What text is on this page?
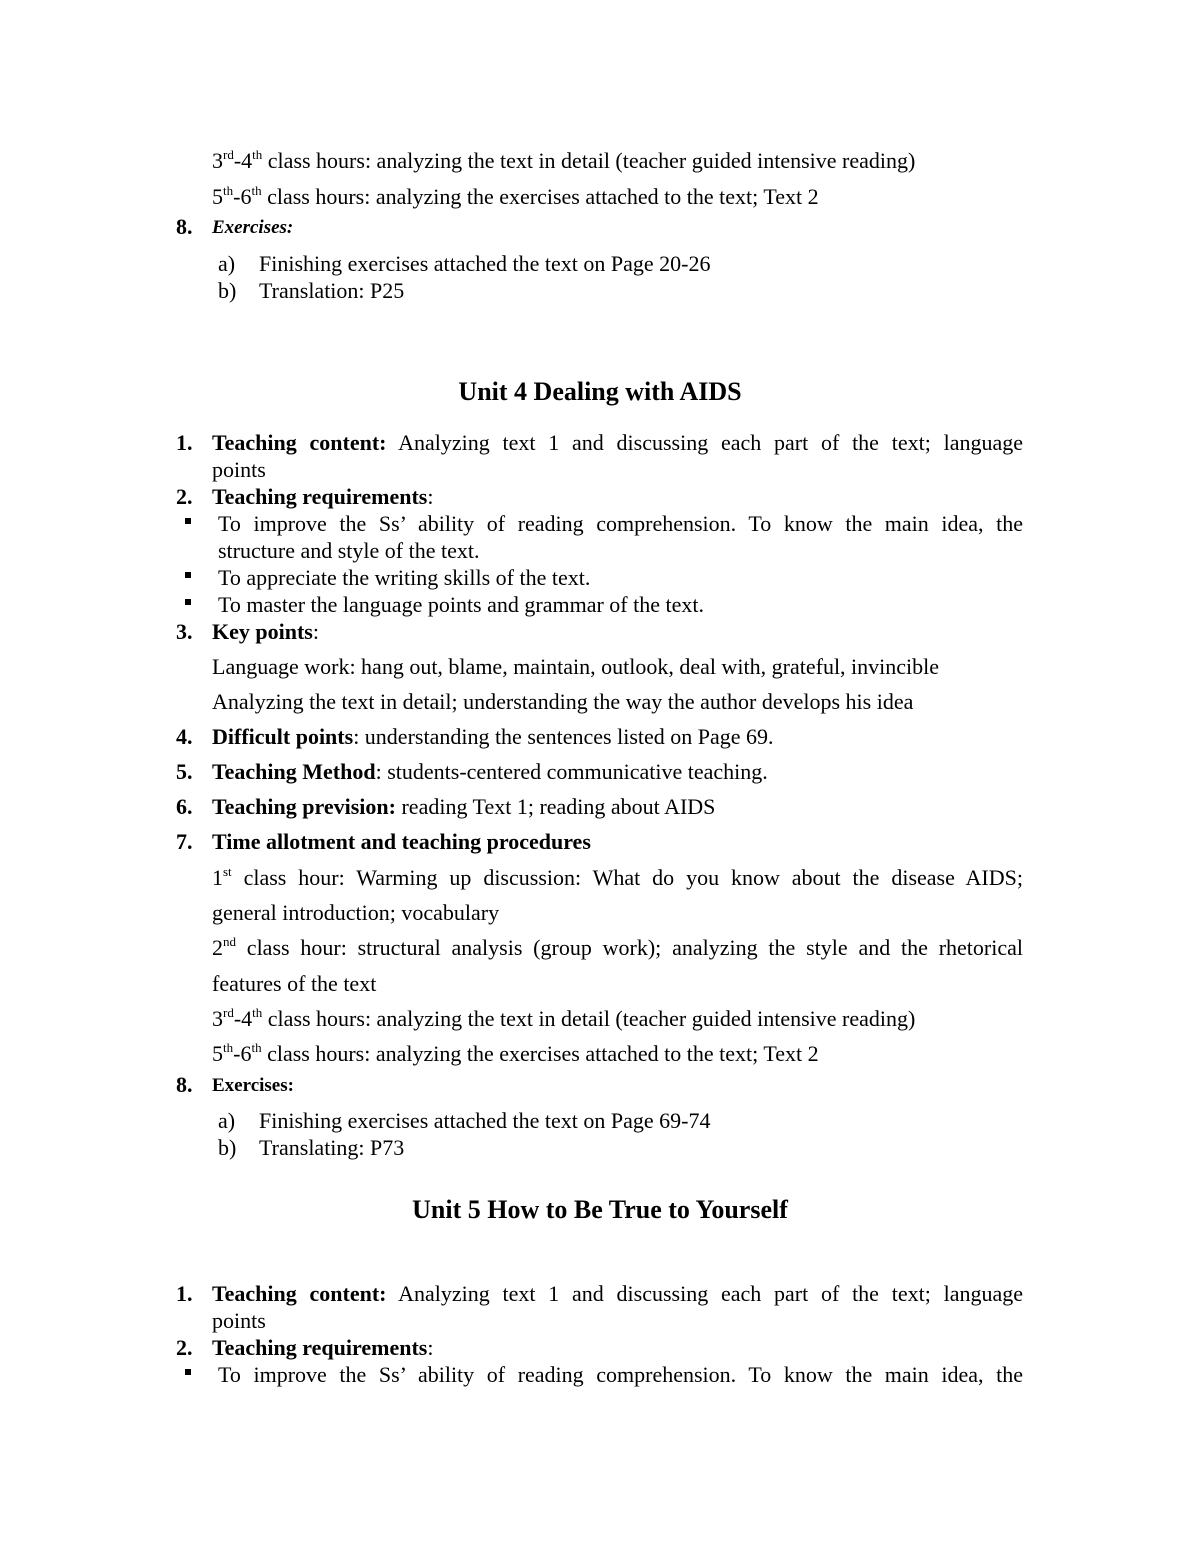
3rd-4th class hours: analyzing the text in detail (teacher guided intensive reading)
5th-6th class hours: analyzing the exercises attached to the text; Text 2
8. Exercises:
a) Finishing exercises attached the text on Page 20-26
b) Translation: P25
Unit 4 Dealing with AIDS
1. Teaching content: Analyzing text 1 and discussing each part of the text; language
points
2. Teaching requirements:
To improve the Ss’ ability of reading comprehension. To know the main idea, the
structure and style of the text.
To appreciate the writing skills of the text.
To master the language points and grammar of the text.
3. Key points:
Language work: hang out, blame, maintain, outlook, deal with, grateful, invincible
Analyzing the text in detail; understanding the way the author develops his idea
4. Difficult points: understanding the sentences listed on Page 69.
5. Teaching Method: students-centered communicative teaching.
6. Teaching prevision: reading Text 1; reading about AIDS
7. Time allotment and teaching procedures
1st class hour: Warming up discussion: What do you know about the disease AIDS;
general introduction; vocabulary
2nd class hour: structural analysis (group work); analyzing the style and the rhetorical
features of the text
3rd-4th class hours: analyzing the text in detail (teacher guided intensive reading)
5th-6th class hours: analyzing the exercises attached to the text; Text 2
8. Exercises:
a) Finishing exercises attached the text on Page 69-74
b) Translating: P73
Unit 5 How to Be True to Yourself
1. Teaching content: Analyzing text 1 and discussing each part of the text; language
points
2. Teaching requirements:
To improve the Ss’ ability of reading comprehension. To know the main idea, the
